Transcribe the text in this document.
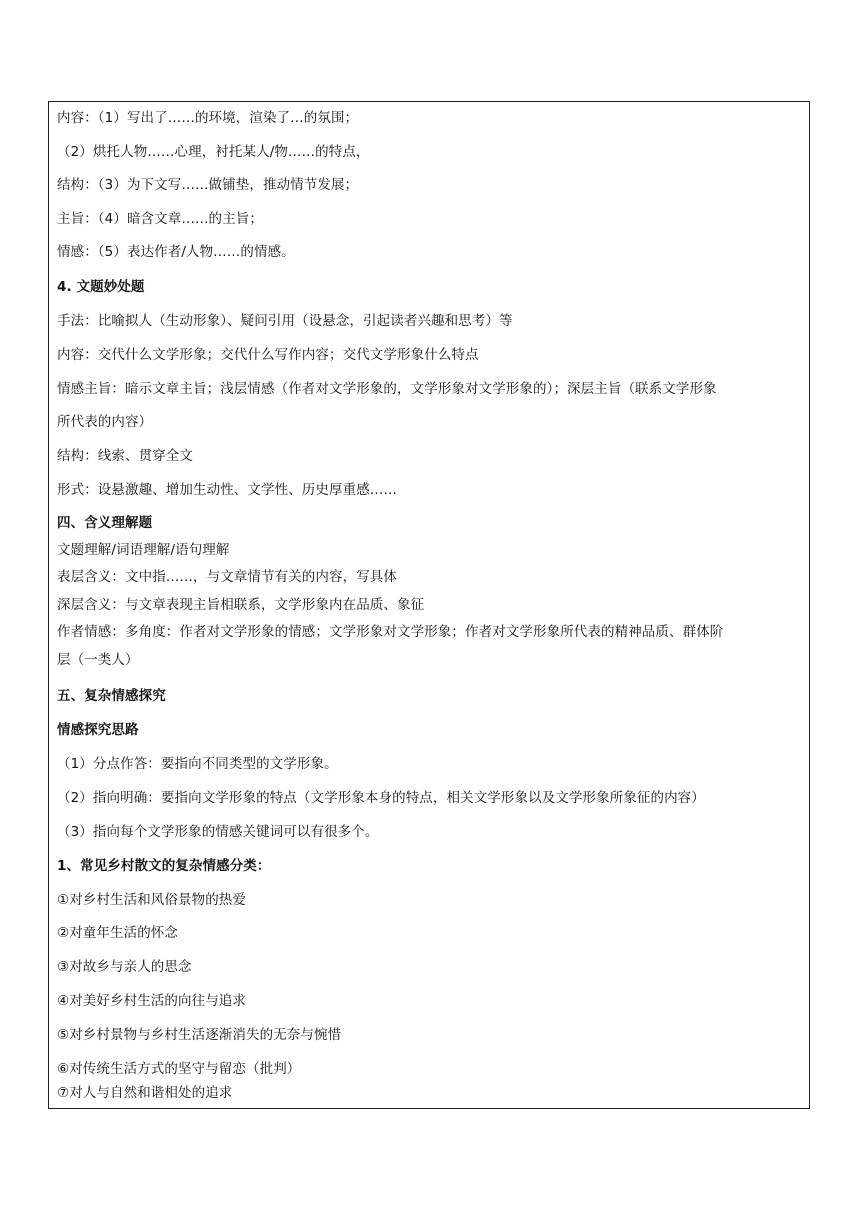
内容：（1）写出了……的环境，渲染了…的氛围；
（2）烘托人物……心理，衬托某人/物……的特点，
结构：（3）为下文写……做铺垫，推动情节发展；
主旨：（4）暗含文章……的主旨；
情感：（5）表达作者/人物……的情感。
4. 文题妙处题
手法：比喻拟人（生动形象）、疑问引用（设悬念，引起读者兴趣和思考）等
内容：交代什么文学形象；交代什么写作内容；交代文学形象什么特点
情感主旨：暗示文章主旨；浅层情感（作者对文学形象的，文学形象对文学形象的）；深层主旨（联系文学形象
所代表的内容）
结构：线索、贯穿全文
形式：设悬激趣、增加生动性、文学性、历史厚重感……
四、含义理解题
文题理解/词语理解/语句理解
表层含义：文中指……，与文章情节有关的内容，写具体
深层含义：与文章表现主旨相联系，文学形象内在品质、象征
作者情感：多角度：作者对文学形象的情感；文学形象对文学形象；作者对文学形象所代表的精神品质、群体阶
层（一类人）
五、复杂情感探究
情感探究思路
（1）分点作答：要指向不同类型的文学形象。
（2）指向明确：要指向文学形象的特点（文学形象本身的特点，相关文学形象以及文学形象所象征的内容）
（3）指向每个文学形象的情感关键词可以有很多个。
1、常见乡村散文的复杂情感分类：
①对乡村生活和风俗景物的热爱
②对童年生活的怀念
③对故乡与亲人的思念
④对美好乡村生活的向往与追求
⑤对乡村景物与乡村生活逐渐消失的无奈与惋惜
⑥对传统生活方式的坚守与留恋（批判）
⑦对人与自然和谐相处的追求
